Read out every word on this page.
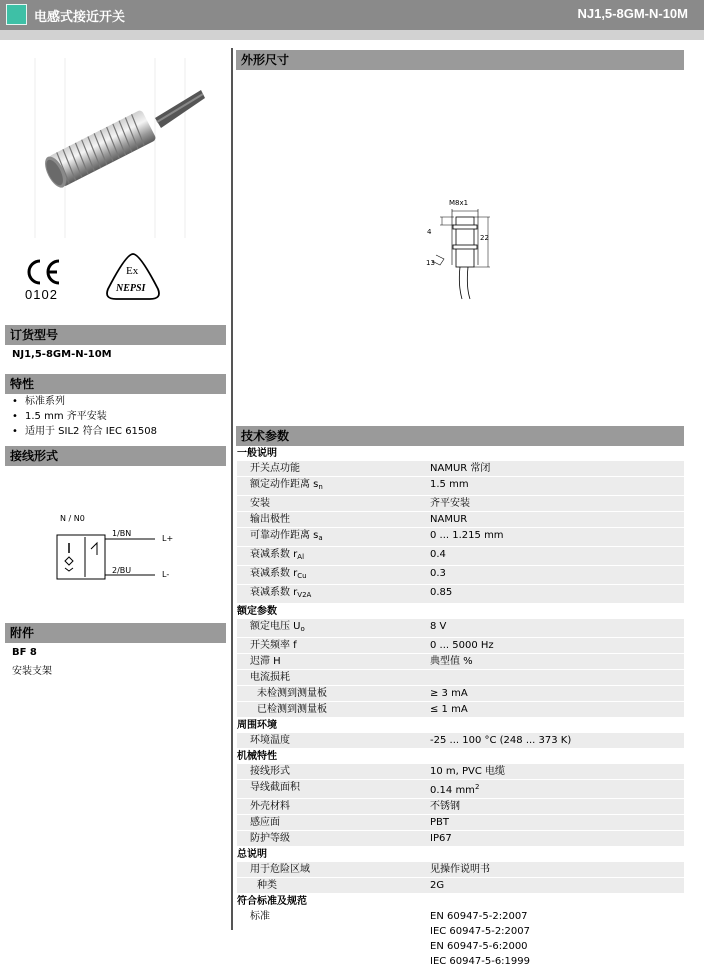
电感式接近开关	NJ1,5-8GM-N-10M
0102
Ex
NEPSI
订货型号
NJ1,5-8GM-N-10M
特性
• 标准系列
• 1.5 mm 齐平安装
• 适用于 SIL2 符合 IEC 61508
接线形式
N / N0
1/BN
2/BU
L+
L-
附件
BF 8
安装支架
外形尺寸
M8x1
4
22
13
技术参数
一般说明	
开关点功能	NAMUR 常闭
额定动作距离 $s_n$	1.5 mm
安装	齐平安装
输出极性	NAMUR
可靠动作距离 $s_a$	0 ... 1.215 mm
衰减系数 $r_{Al}$	0.4
衰减系数 $r_{Cu}$	0.3
衰减系数 $r_{V2A}$	0.85
额定参数	
额定电压 $U_o$	8 V
开关频率 f	0 ... 5000 Hz
迟滞 H	典型值 %
电流损耗	
未检测到测量板	≥ 3 mA
已检测到测量板	≤ 1 mA
周围环境	
环境温度	-25 ... 100 °C (248 ... 373 K)
机械特性	
接线形式	10 m, PVC 电缆
导线截面积	0.14 $mm^2$
外壳材料	不锈钢
感应面	PBT
防护等级	IP67
总说明	
用于危险区域	见操作说明书
种类	2G
符合标准及规范	
标准	EN 60947-5-2:2007
IEC 60947-5-2:2007
EN 60947-5-6:2000
IEC 60947-5-6:1999
